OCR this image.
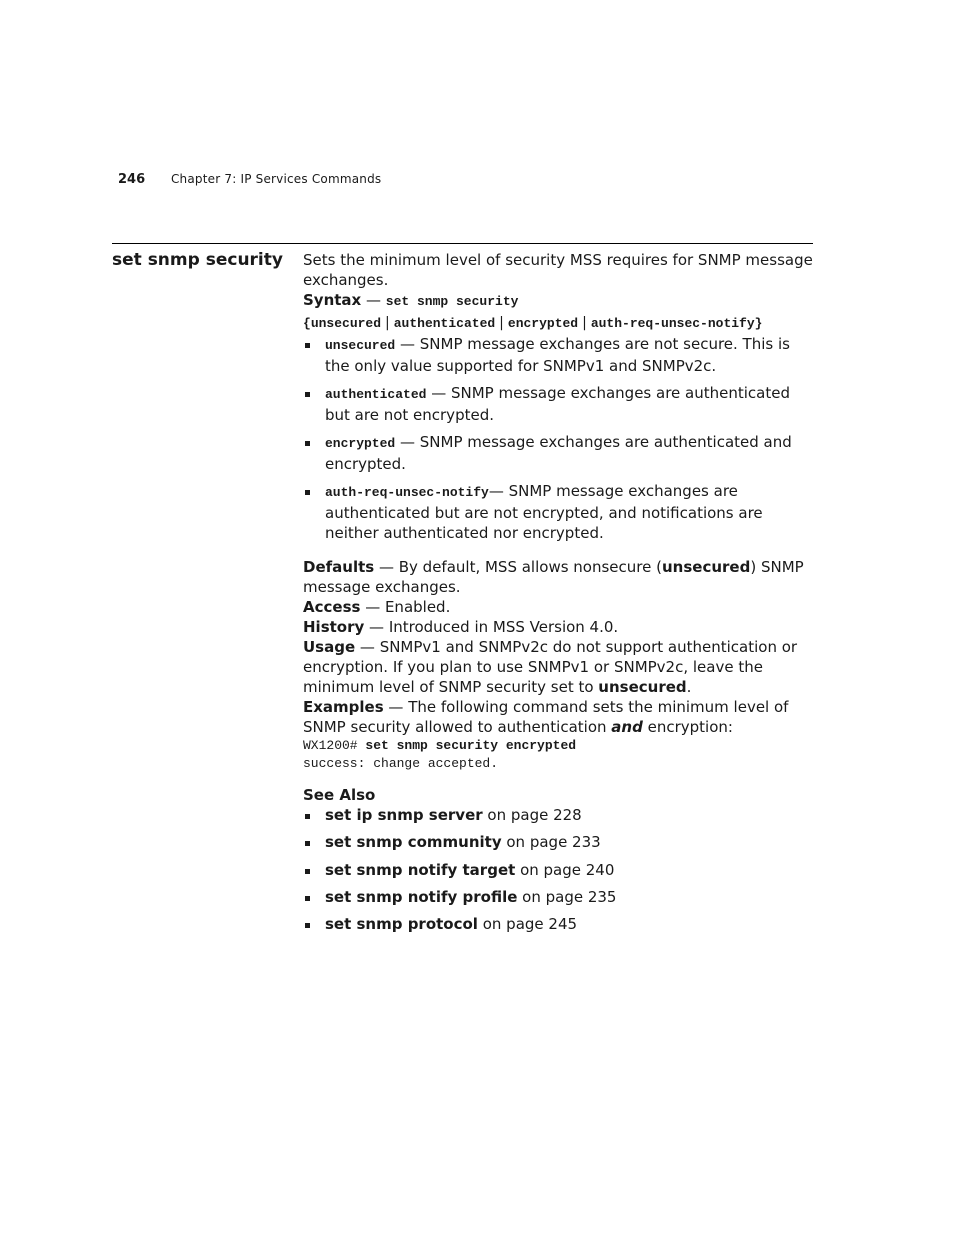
246 Chapter 7: IP Services Commands
set snmp security Sets the minimum level of security MSS requires for SNMP message exchanges.

Syntax — set snmp security
{unsecured | authenticated | encrypted | auth-req-unsec-notify}

unsecured — SNMP message exchanges are not secure. This is the only value supported for SNMPv1 and SNMPv2c.
authenticated — SNMP message exchanges are authenticated but are not encrypted.
encrypted — SNMP message exchanges are authenticated and encrypted.
auth-req-unsec-notify— SNMP message exchanges are authenticated but are not encrypted, and notifications are neither authenticated nor encrypted.

Defaults — By default, MSS allows nonsecure (unsecured) SNMP message exchanges.

Access — Enabled.

History — Introduced in MSS Version 4.0.

Usage — SNMPv1 and SNMPv2c do not support authentication or encryption. If you plan to use SNMPv1 or SNMPv2c, leave the minimum level of SNMP security set to unsecured.

Examples — The following command sets the minimum level of SNMP security allowed to authentication and encryption:

WX1200# set snmp security encrypted
success: change accepted.

See Also

set ip snmp server on page 228
set snmp community on page 233
set snmp notify target on page 240
set snmp notify profile on page 235
set snmp protocol on page 245
